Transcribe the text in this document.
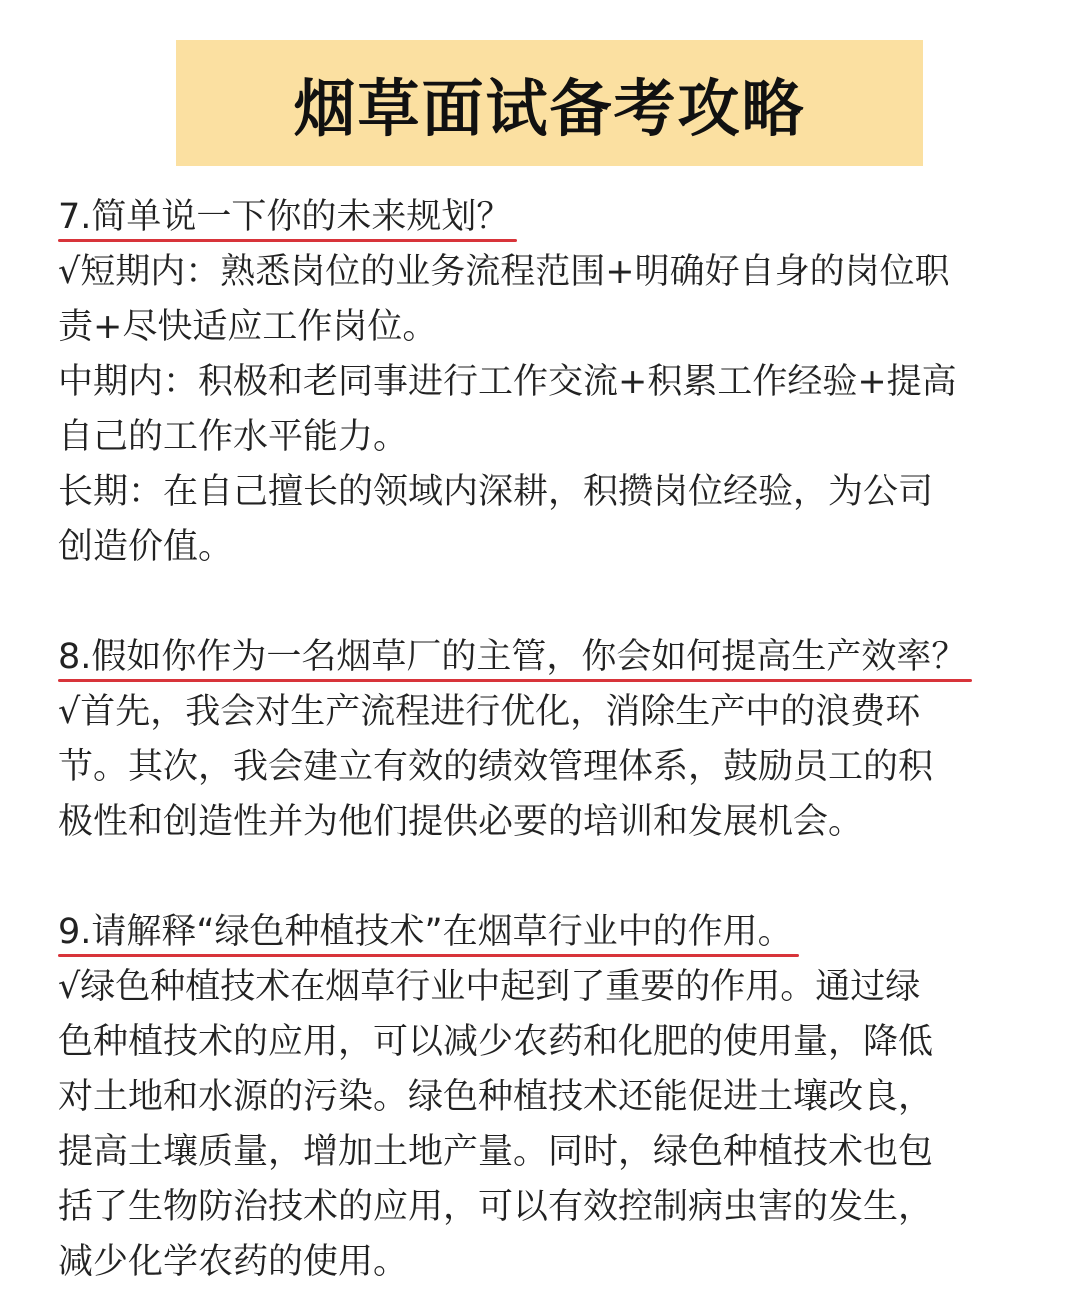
烟草面试备考攻略
7.简单说一下你的未来规划？

√短期内：熟悉岗位的业务流程范围+明确好自身的岗位职

责+尽快适应工作岗位。

中期内：积极和老同事进行工作交流+积累工作经验+提高

自己的工作水平能力。

长期：在自己擅长的领域内深耕，积攒岗位经验，为公司

创造价值。

8.假如你作为一名烟草厂的主管，你会如何提高生产效率？

√首先，我会对生产流程进行优化，消除生产中的浪费环

节。其次，我会建立有效的绩效管理体系，鼓励员工的积

极性和创造性并为他们提供必要的培训和发展机会。

9.请解释“绿色种植技术”在烟草行业中的作用。

√绿色种植技术在烟草行业中起到了重要的作用。通过绿

色种植技术的应用，可以减少农药和化肥的使用量，降低

对土地和水源的污染。绿色种植技术还能促进土壤改良，

提高土壤质量，增加土地产量。同时，绿色种植技术也包

括了生物防治技术的应用，可以有效控制病虫害的发生，

减少化学农药的使用。
